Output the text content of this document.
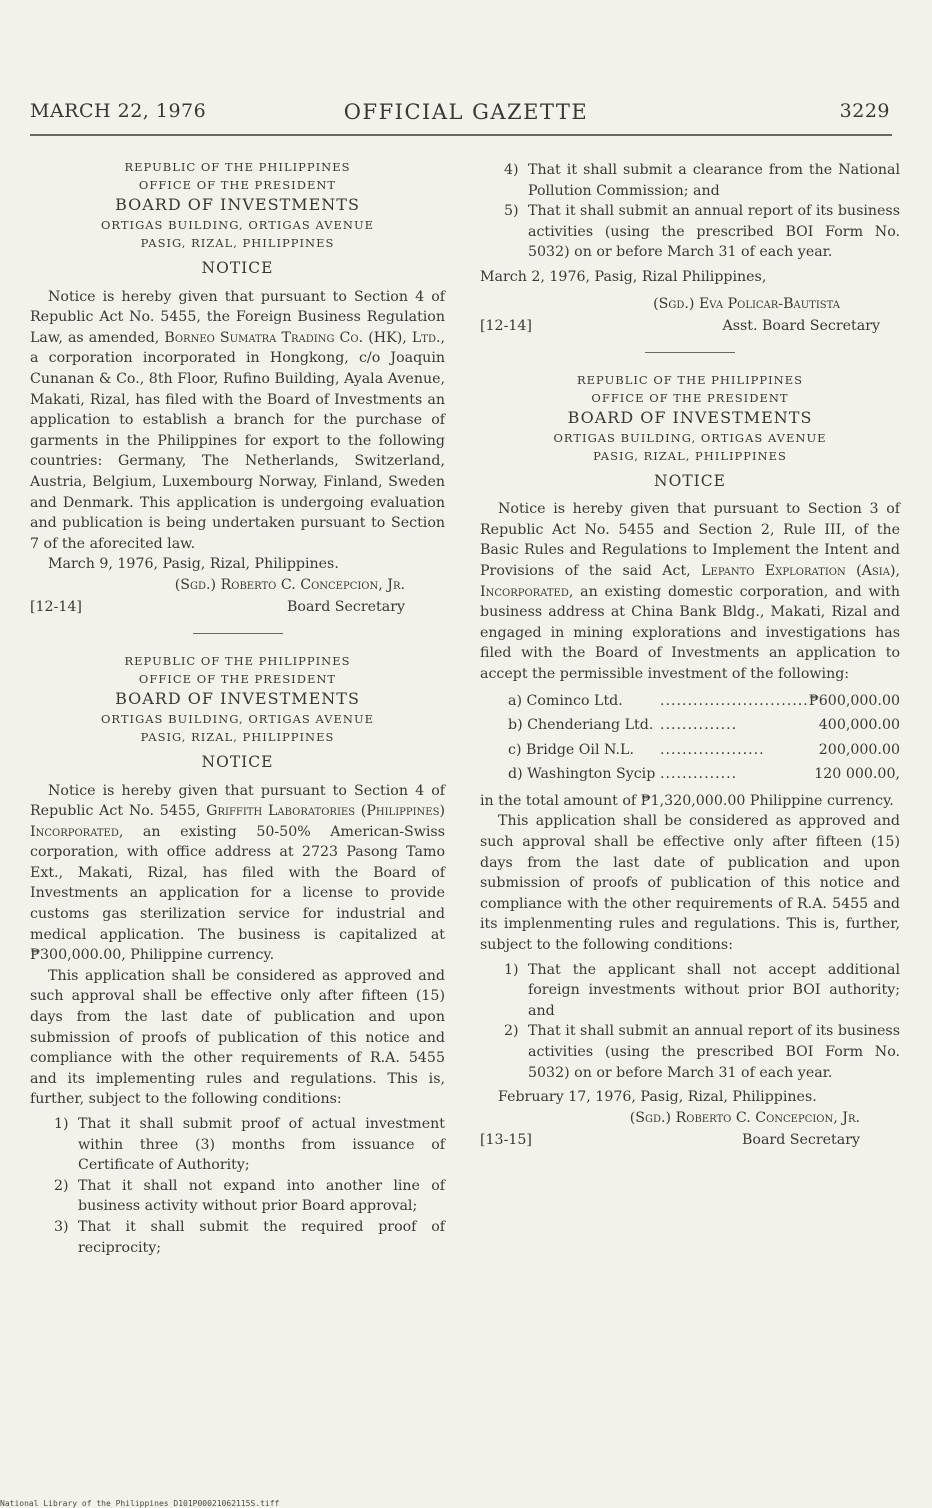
MARCH 22, 1976	OFFICIAL GAZETTE	3229
REPUBLIC OF THE PHILIPPINES
OFFICE OF THE PRESIDENT
BOARD OF INVESTMENTS
ORTIGAS BUILDING, ORTIGAS AVENUE
PASIG, RIZAL, PHILIPPINES
NOTICE

Notice is hereby given that pursuant to Section 4 of Republic Act No. 5455, the Foreign Business Regulation Law, as amended, Borneo Sumatra Trading Co. (HK), Ltd., a corporation incorporated in Hongkong, c/o Joaquin Cunanan & Co., 8th Floor, Rufino Building, Ayala Avenue, Makati, Rizal, has filed with the Board of Investments an application to establish a branch for the purchase of garments in the Philippines for export to the following countries: Germany, The Netherlands, Switzerland, Austria, Belgium, Luxembourg Norway, Finland, Sweden and Denmark. This application is undergoing evaluation and publication is being undertaken pursuant to Section 7 of the aforecited law.

March 9, 1976, Pasig, Rizal, Philippines.

(Sgd.) Roberto C. Concepcion, Jr.
[12-14]	Board Secretary
REPUBLIC OF THE PHILIPPINES
OFFICE OF THE PRESIDENT
BOARD OF INVESTMENTS
ORTIGAS BUILDING, ORTIGAS AVENUE
PASIG, RIZAL, PHILIPPINES
NOTICE

Notice is hereby given that pursuant to Section 4 of Republic Act No. 5455, Griffith Laboratories (Philippines) Incorporated, an existing 50-50% American-Swiss corporation, with office address at 2723 Pasong Tamo Ext., Makati, Rizal, has filed with the Board of Investments an application for a license to provide customs gas sterilization service for industrial and medical application. The business is capitalized at ₱300,000.00, Philippine currency.

This application shall be considered as approved and such approval shall be effective only after fifteen (15) days from the last date of publication and upon submission of proofs of publication of this notice and compliance with the other requirements of R.A. 5455 and its implementing rules and regulations. This is, further, subject to the following conditions:

1) That it shall submit proof of actual investment within three (3) months from issuance of Certificate of Authority;
2) That it shall not expand into another line of business activity without prior Board approval;
3) That it shall submit the required proof of reciprocity;
4) That it shall submit a clearance from the National Pollution Commission; and
5) That it shall submit an annual report of its business activities (using the prescribed BOI Form No. 5032) on or before March 31 of each year.

March 2, 1976, Pasig, Rizal Philippines,

(Sgd.) Eva Policar-Bautista
[12-14]	Asst. Board Secretary
REPUBLIC OF THE PHILIPPINES
OFFICE OF THE PRESIDENT
BOARD OF INVESTMENTS
ORTIGAS BUILDING, ORTIGAS AVENUE
PASIG, RIZAL, PHILIPPINES
NOTICE

Notice is hereby given that pursuant to Section 3 of Republic Act No. 5455 and Section 2, Rule III, of the Basic Rules and Regulations to Implement the Intent and Provisions of the said Act, Lepanto Exploration (Asia), Incorporated, an existing domestic corporation, and with business address at China Bank Bldg., Makati, Rizal and engaged in mining explorations and investigations has filed with the Board of Investments an application to accept the permissible investment of the following:

a) Cominco Ltd.	...........................	₱600,000.00
b) Chenderiang Ltd.	..............	400,000.00
c) Bridge Oil N.L.	...................	200,000.00
d) Washington Sycip	..............	120 000.00,

in the total amount of ₱1,320,000.00 Philippine currency.

This application shall be considered as approved and such approval shall be effective only after fifteen (15) days from the last date of publication and upon submission of proofs of publication of this notice and compliance with the other requirements of R.A. 5455 and its implenmenting rules and regulations. This is, further, subject to the following conditions:

1) That the applicant shall not accept additional foreign investments without prior BOI authority; and
2) That it shall submit an annual report of its business activities (using the prescribed BOI Form No. 5032) on or before March 31 of each year.

February 17, 1976, Pasig, Rizal, Philippines.

(Sgd.) Roberto C. Concepcion, Jr.
[13-15]	Board Secretary
National Library of the Philippines D101P00021062115S.tiff
